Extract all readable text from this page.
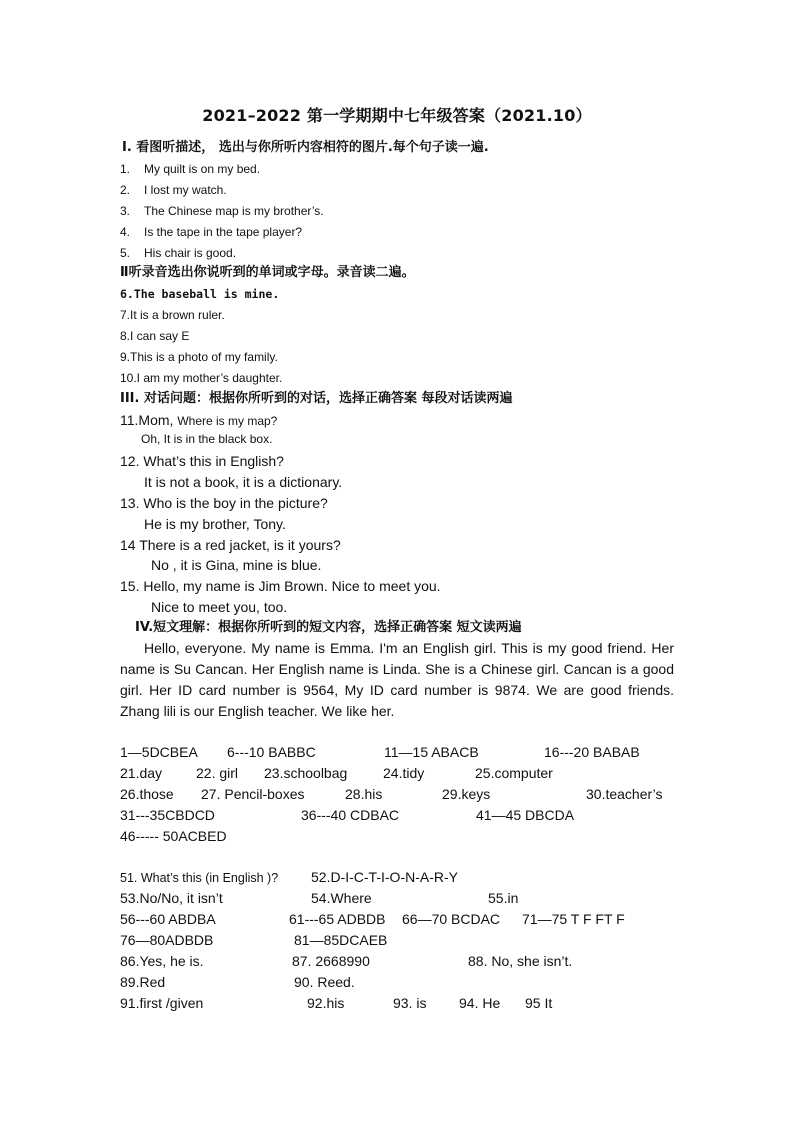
2021–2022 第一学期期中七年级答案（2021.10）
Ⅰ. 看图听描述， 选出与你所听内容相符的图片.每个句子读一遍.
1. My quilt is on my bed.
2. I lost my watch.
3. The Chinese map is my brother’s.
4. Is the tape in the tape player?
5. His chair is good.
Ⅱ听录音选出你说听到的单词或字母。录音读二遍。
6.The baseball is mine.
7.It is a brown ruler.
8.I can say E
9.This is a photo of my family.
10.I am my mother’s daughter.
III. 对话问题：根据你所听到的对话，选择正确答案 每段对话读两遍
11.Mom, Where is my map?
Oh, It is in the black box.
12. What’s this in English?
It is not a book, it is a dictionary.
13. Who is the boy in the picture?
He is my brother, Tony.
14 There is a red jacket, is it yours?
No , it is Gina, mine is blue.
15. Hello, my name is Jim Brown. Nice to meet you.
Nice to meet you, too.
IV.短文理解：根据你所听到的短文内容，选择正确答案 短文读两遍
Hello, everyone. My name is Emma. I'm an English girl. This is my good friend. Her name is Su Cancan. Her English name is Linda. She is a Chinese girl. Cancan is a good girl. Her ID card number is 9564, My ID card number is 9874. We are good friends. Zhang lili is our English teacher. We like her.
1—5DCBEA 6---10 BABBC	11—15 ABACB	16---20 BABAB
21.day 22. girl 23.schoolbag	24.tidy	25.computer
26.those 27. Pencil-boxes	28.his	29.keys	30.teacher’s
31---35CBDCD	36---40 CDBAC	41—45 DBCDA
46----- 50ACBED
51. What’s this (in English )? 52.D-I-C-T-I-O-N-A-R-Y
53.No/No, it isn’t	54.Where	55.in
56---60 ABDBA	61---65 ADBDB 66—70 BCDAC 71—75 T F FT F
76—80ADBDB	81—85DCAEB
86.Yes, he is.	87. 2668990	88. No, she isn’t.
89.Red	90. Reed.
91.first /given	92.his	93. is 94. He 95 It
